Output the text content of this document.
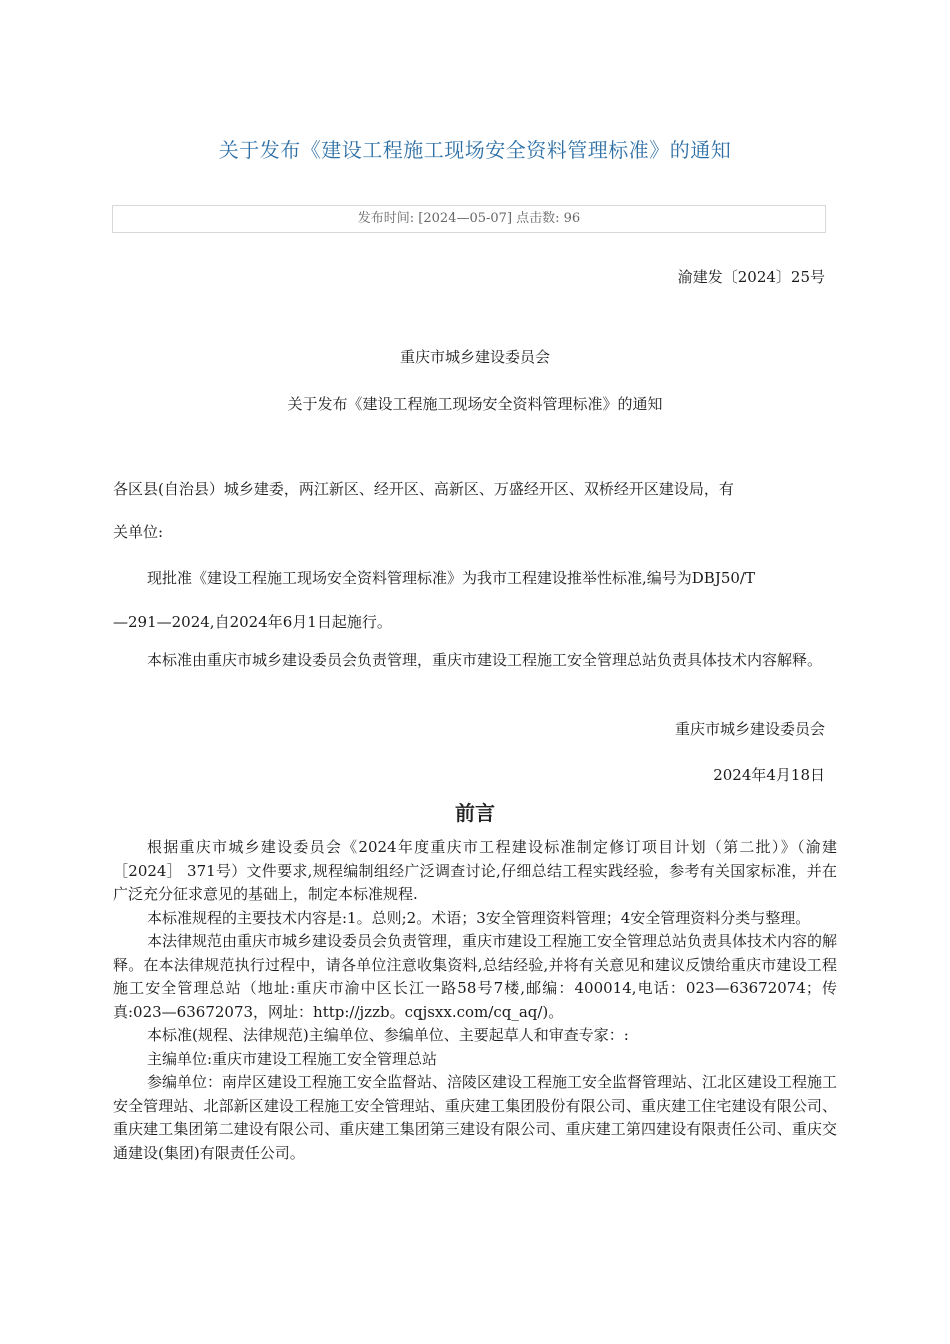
关于发布《建设工程施工现场安全资料管理标准》的通知
发布时间: [2024—05-07] 点击数: 96
渝建发〔2024〕25号
重庆市城乡建设委员会
关于发布《建设工程施工现场安全资料管理标准》的通知
各区县(自治县）城乡建委，两江新区、经开区、高新区、万盛经开区、双桥经开区建设局，有
关单位:
现批准《建设工程施工现场安全资料管理标准》为我市工程建设推举性标准,编号为DBJ50/T
—291—2024,自2024年6月1日起施行。
本标准由重庆市城乡建设委员会负责管理，重庆市建设工程施工安全管理总站负责具体技术内容解释。
重庆市城乡建设委员会
2024年4月18日
前言
根据重庆市城乡建设委员会《2024年度重庆市工程建设标准制定修订项目计划（第二批）》（渝建［2024］ 371号）文件要求,规程编制组经广泛调查讨论,仔细总结工程实践经验，参考有关国家标准，并在广泛充分征求意见的基础上，制定本标准规程.
本标准规程的主要技术内容是:1。总则;2。术语；3安全管理资料管理；4安全管理资料分类与整理。
本法律规范由重庆市城乡建设委员会负责管理，重庆市建设工程施工安全管理总站负责具体技术内容的解释。在本法律规范执行过程中，请各单位注意收集资料,总结经验,并将有关意见和建议反馈给重庆市建设工程施工安全管理总站（地址:重庆市渝中区长江一路58号7楼,邮编：400014,电话：023—63672074；传真:023—63672073，网址：http://jzzb。cqjsxx.com/cq_aq/)。
本标准(规程、法律规范)主编单位、参编单位、主要起草人和审查专家：:
主编单位:重庆市建设工程施工安全管理总站
参编单位：南岸区建设工程施工安全监督站、涪陵区建设工程施工安全监督管理站、江北区建设工程施工安全管理站、北部新区建设工程施工安全管理站、重庆建工集团股份有限公司、重庆建工住宅建设有限公司、重庆建工集团第二建设有限公司、重庆建工集团第三建设有限公司、重庆建工第四建设有限责任公司、重庆交通建设(集团)有限责任公司。
